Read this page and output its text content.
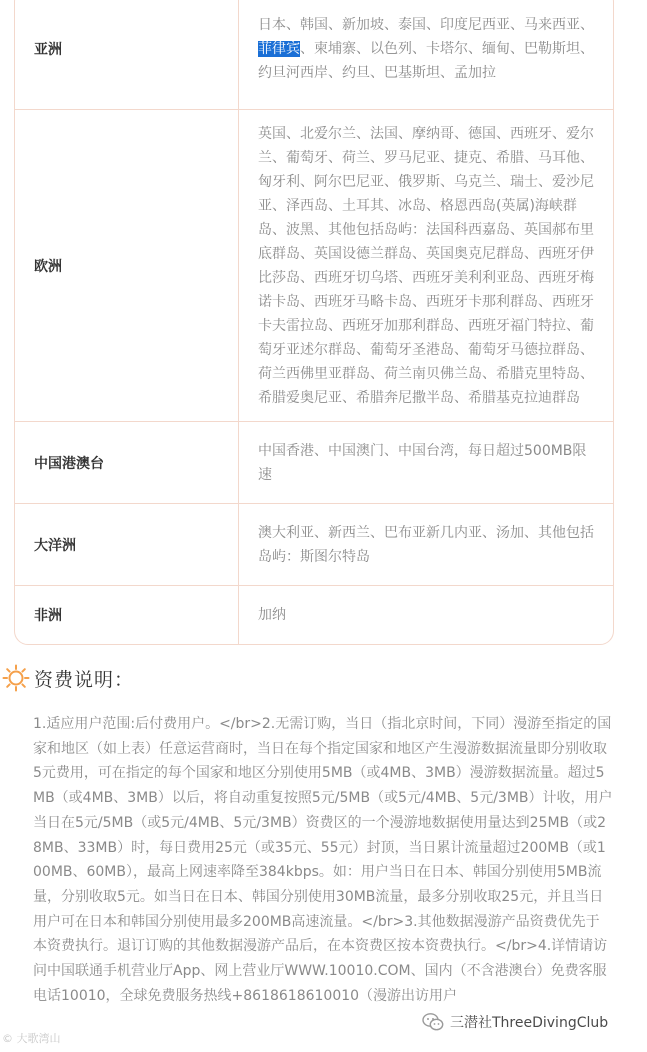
亚洲
日本、韩国、新加坡、泰国、印度尼西亚、马来西亚、菲律宾、柬埔寨、以色列、卡塔尔、缅甸、巴勒斯坦、约旦河西岸、约旦、巴基斯坦、孟加拉
欧洲
英国、北爱尔兰、法国、摩纳哥、德国、西班牙、爱尔兰、葡萄牙、荷兰、罗马尼亚、捷克、希腊、马耳他、匈牙利、阿尔巴尼亚、俄罗斯、乌克兰、瑞士、爱沙尼亚、泽西岛、土耳其、冰岛、格恩西岛(英属)海峡群岛、波黑、其他包括岛屿：法国科西嘉岛、英国郝布里底群岛、英国设德兰群岛、英国奥克尼群岛、西班牙伊比莎岛、西班牙切乌塔、西班牙美利利亚岛、西班牙梅诺卡岛、西班牙马略卡岛、西班牙卡那利群岛、西班牙卡夫雷拉岛、西班牙加那利群岛、西班牙福门特拉、葡萄牙亚述尔群岛、葡萄牙圣港岛、葡萄牙马德拉群岛、荷兰西佛里亚群岛、荷兰南贝佛兰岛、希腊克里特岛、希腊爱奥尼亚、希腊奔尼撒半岛、希腊基克拉迪群岛
中国港澳台
中国香港、中国澳门、中国台湾，每日超过500MB限速
大洋洲
澳大利亚、新西兰、巴布亚新几内亚、汤加、其他包括岛屿：斯图尔特岛
非洲	加纳
资费说明：
1.适应用户范围:后付费用户。</br>2.无需订购，当日（指北京时间，下同）漫游至指定的国家和地区（如上表）任意运营商时，当日在每个指定国家和地区产生漫游数据流量即分别收取5元费用，可在指定的每个国家和地区分别使用5MB（或4MB、3MB）漫游数据流量。超过5MB（或4MB、3MB）以后，将自动重复按照5元/5MB（或5元/4MB、5元/3MB）计收，用户当日在5元/5MB（或5元/4MB、5元/3MB）资费区的一个漫游地数据使用量达到25MB（或28MB、33MB）时，每日费用25元（或35元、55元）封顶，当日累计流量超过200MB（或100MB、60MB），最高上网速率降至384kbps。如：用户当日在日本、韩国分别使用5MB流量，分别收取5元。如当日在日本、韩国分别使用30MB流量，最多分别收取25元，并且当日用户可在日本和韩国分别使用最多200MB高速流量。</br>3.其他数据漫游产品资费优先于本资费执行。退订订购的其他数据漫游产品后，在本资费区按本资费执行。</br>4.详情请访问中国联通手机营业厅App、网上营业厅WWW.10010.COM、国内（不含港澳台）免费客服电话10010，全球免费服务热线+8618618610010（漫游出访用户
© 大歌湾山
三潜社ThreeDivingClub
